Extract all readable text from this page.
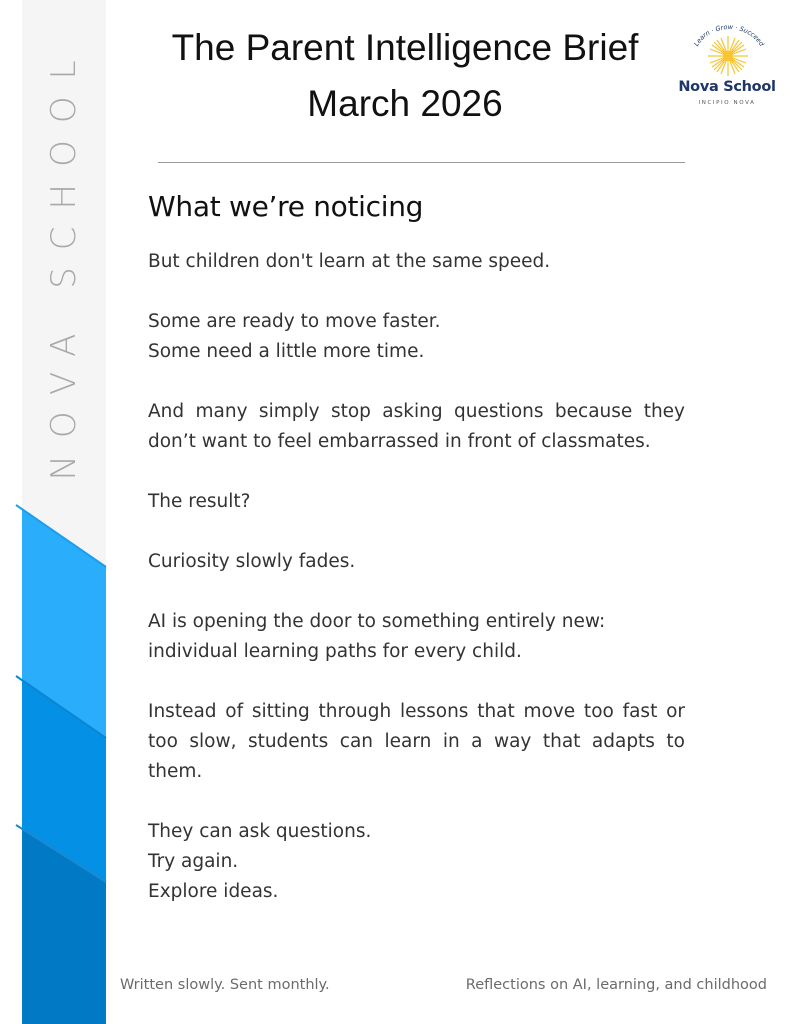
NOVA SCHOOL	The Parent Intelligence Brief
March 2026
Learn · Grow · Succeed
Nova School
INCIPIO NOVA
What we’re noticing

But children don't learn at the same speed.

Some are ready to move faster.
Some need a little more time.

And many simply stop asking questions because they don’t want to feel embarrassed in front of classmates.

The result?

Curiosity slowly fades.

AI is opening the door to something entirely new:
individual learning paths for every child.

Instead of sitting through lessons that move too fast or too slow, students can learn in a way that adapts to them.

They can ask questions.
Try again.
Explore ideas.

Written slowly. Sent monthly.	Reflections on AI, learning, and childhood
